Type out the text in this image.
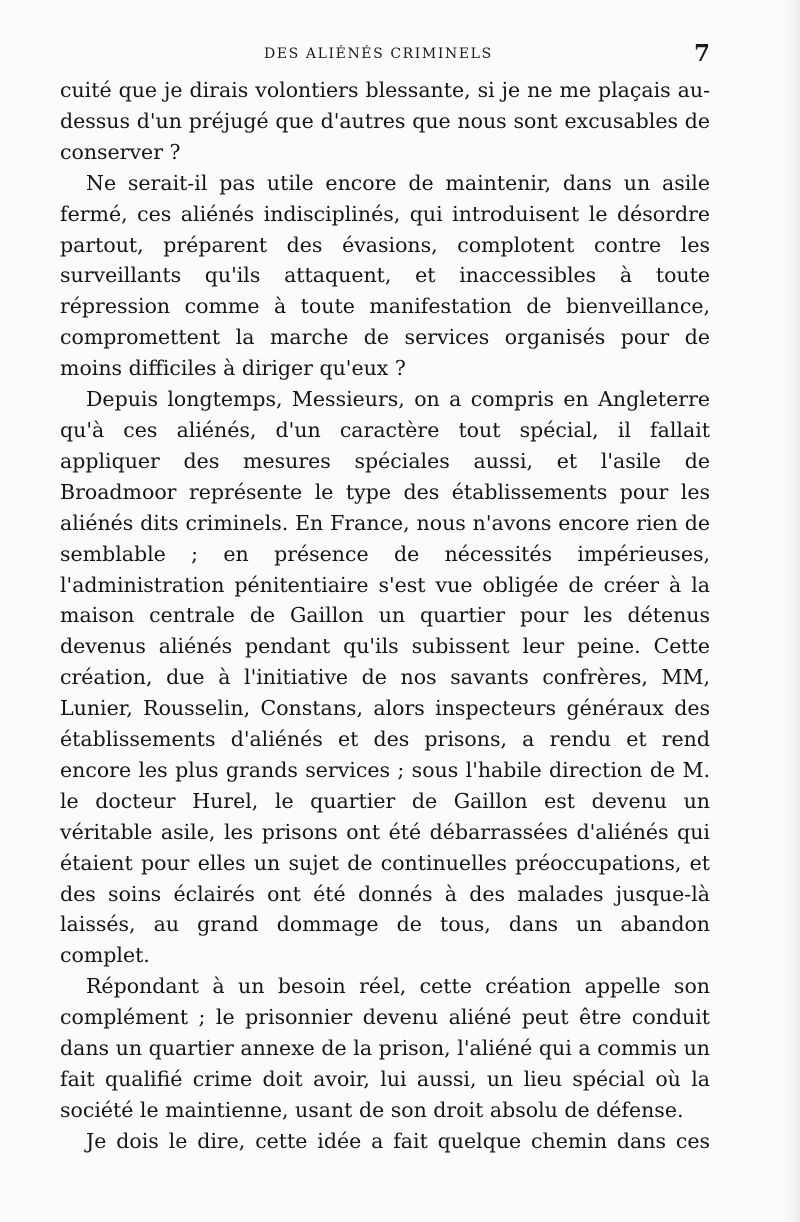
DES ALIÉNÉS CRIMINELS	7

cuité que je dirais volontiers blessante, si je ne me plaçais au-dessus d'un préjugé que d'autres que nous sont excusables de conserver ?

Ne serait-il pas utile encore de maintenir, dans un asile fermé, ces aliénés indisciplinés, qui introduisent le désordre partout, préparent des évasions, complotent contre les surveillants qu'ils attaquent, et inaccessibles à toute répression comme à toute manifestation de bienveillance, compromettent la marche de services organisés pour de moins difficiles à diriger qu'eux ?

Depuis longtemps, Messieurs, on a compris en Angleterre qu'à ces aliénés, d'un caractère tout spécial, il fallait appliquer des mesures spéciales aussi, et l'asile de Broadmoor représente le type des établissements pour les aliénés dits criminels. En France, nous n'avons encore rien de semblable ; en présence de nécessités impérieuses, l'administration pénitentiaire s'est vue obligée de créer à la maison centrale de Gaillon un quartier pour les détenus devenus aliénés pendant qu'ils subissent leur peine. Cette création, due à l'initiative de nos savants confrères, MM, Lunier, Rousselin, Constans, alors inspecteurs généraux des établissements d'aliénés et des prisons, a rendu et rend encore les plus grands services ; sous l'habile direction de M. le docteur Hurel, le quartier de Gaillon est devenu un véritable asile, les prisons ont été débarrassées d'aliénés qui étaient pour elles un sujet de continuelles préoccupations, et des soins éclairés ont été donnés à des malades jusque-là laissés, au grand dommage de tous, dans un abandon complet.

Répondant à un besoin réel, cette création appelle son complément ; le prisonnier devenu aliéné peut être conduit dans un quartier annexe de la prison, l'aliéné qui a commis un fait qualifié crime doit avoir, lui aussi, un lieu spécial où la société le maintienne, usant de son droit absolu de défense.

Je dois le dire, cette idée a fait quelque chemin dans ces
